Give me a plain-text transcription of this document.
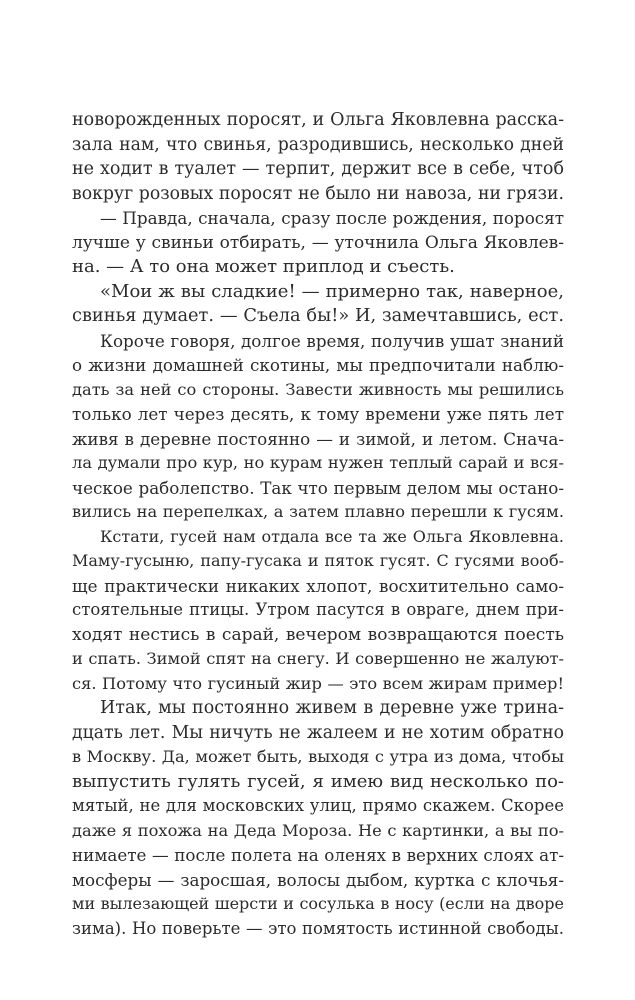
новорожденных поросят, и Ольга Яковлевна расска-
зала нам, что свинья, разродившись, несколько дней
не ходит в туалет — терпит, держит все в себе, чтоб
вокруг розовых поросят не было ни навоза, ни грязи.
— Правда, сначала, сразу после рождения, поросят
лучше у свиньи отбирать, — уточнила Ольга Яковлев-
на. — А то она может приплод и съесть.
«Мои ж вы сладкие! — примерно так, наверное,
свинья думает. — Съела бы!» И, замечтавшись, ест.
Короче говоря, долгое время, получив ушат знаний
о жизни домашней скотины, мы предпочитали наблю-
дать за ней со стороны. Завести живность мы решились
только лет через десять, к тому времени уже пять лет
живя в деревне постоянно — и зимой, и летом. Снача-
ла думали про кур, но курам нужен теплый сарай и вся-
ческое раболепство. Так что первым делом мы остано-
вились на перепелках, а затем плавно перешли к гусям.
Кстати, гусей нам отдала все та же Ольга Яковлевна.
Маму-гусыню, папу-гусака и пяток гусят. С гусями вооб-
ще практически никаких хлопот, восхитительно само-
стоятельные птицы. Утром пасутся в овраге, днем при-
ходят нестись в сарай, вечером возвращаются поесть
и спать. Зимой спят на снегу. И совершенно не жалуют-
ся. Потому что гусиный жир — это всем жирам пример!
Итак, мы постоянно живем в деревне уже трина-
дцать лет. Мы ничуть не жалеем и не хотим обратно
в Москву. Да, может быть, выходя с утра из дома, чтобы
выпустить гулять гусей, я имею вид несколько по-
мятый, не для московских улиц, прямо скажем. Скорее
даже я похожа на Деда Мороза. Не с картинки, а вы по-
нимаете — после полета на оленях в верхних слоях ат-
мосферы — заросшая, волосы дыбом, куртка с клочья-
ми вылезающей шерсти и сосулька в носу (если на дворе
зима). Но поверьте — это помятость истинной свободы.
